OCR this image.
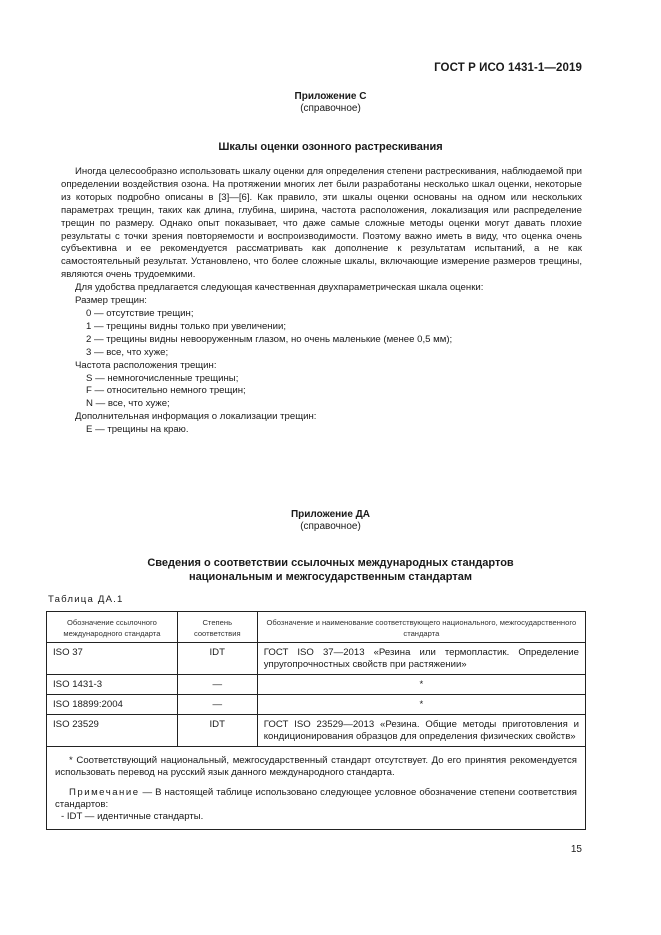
ГОСТ Р ИСО 1431-1—2019
Приложение С
(справочное)
Шкалы оценки озонного растрескивания

Иногда целесообразно использовать шкалу оценки для определения степени растрескивания, наблюдаемой при определении воздействия озона. На протяжении многих лет были разработаны несколько шкал оценки, некоторые из которых подробно описаны в [3]—[6]. Как правило, эти шкалы оценки основаны на одном или нескольких параметрах трещин, таких как длина, глубина, ширина, частота расположения, локализация или распределение трещин по размеру. Однако опыт показывает, что даже самые сложные методы оценки могут давать плохие результаты с точки зрения повторяемости и воспроизводимости. Поэтому важно иметь в виду, что оценка очень субъективна и ее рекомендуется рассматривать как дополнение к результатам испытаний, а не как самостоятельный результат. Установлено, что более сложные шкалы, включающие измерение размеров трещины, являются очень трудоемкими.

Для удобства предлагается следующая качественная двухпараметрическая шкала оценки:

Размер трещин:

0 — отсутствие трещин;

1 — трещины видны только при увеличении;

2 — трещины видны невооруженным глазом, но очень маленькие (менее 0,5 мм);

3 — все, что хуже;

Частота расположения трещин:

S — немногочисленные трещины;

F — относительно немного трещин;

N — все, что хуже;

Дополнительная информация о локализации трещин:

Е — трещины на краю.

Приложение ДА
(справочное)
Сведения о соответствии ссылочных международных стандартов
национальным и межгосударственным стандартам
Таблица ДА.1
Обозначение ссылочного международного стандарта	Степень соответствия	Обозначение и наименование соответствующего национального, межгосударственного стандарта
ISO 37	IDT	ГОСТ ISO 37—2013 «Резина или термопластик. Определение упругопрочностных свойств при растяжении»
ISO 1431-3	—	*
ISO 18899:2004	—	*
ISO 23529	IDT	ГОСТ ISO 23529—2013 «Резина. Общие методы приготовления и кондиционирования образцов для определения физических свойств»

* Соответствующий национальный, межгосударственный стандарт отсутствует. До его принятия рекомендуется использовать перевод на русский язык данного международного стандарта.

Примечание — В настоящей таблице использовано следующее условное обозначение степени соответствия стандартов:

- IDT — идентичные стандарты.		

15
